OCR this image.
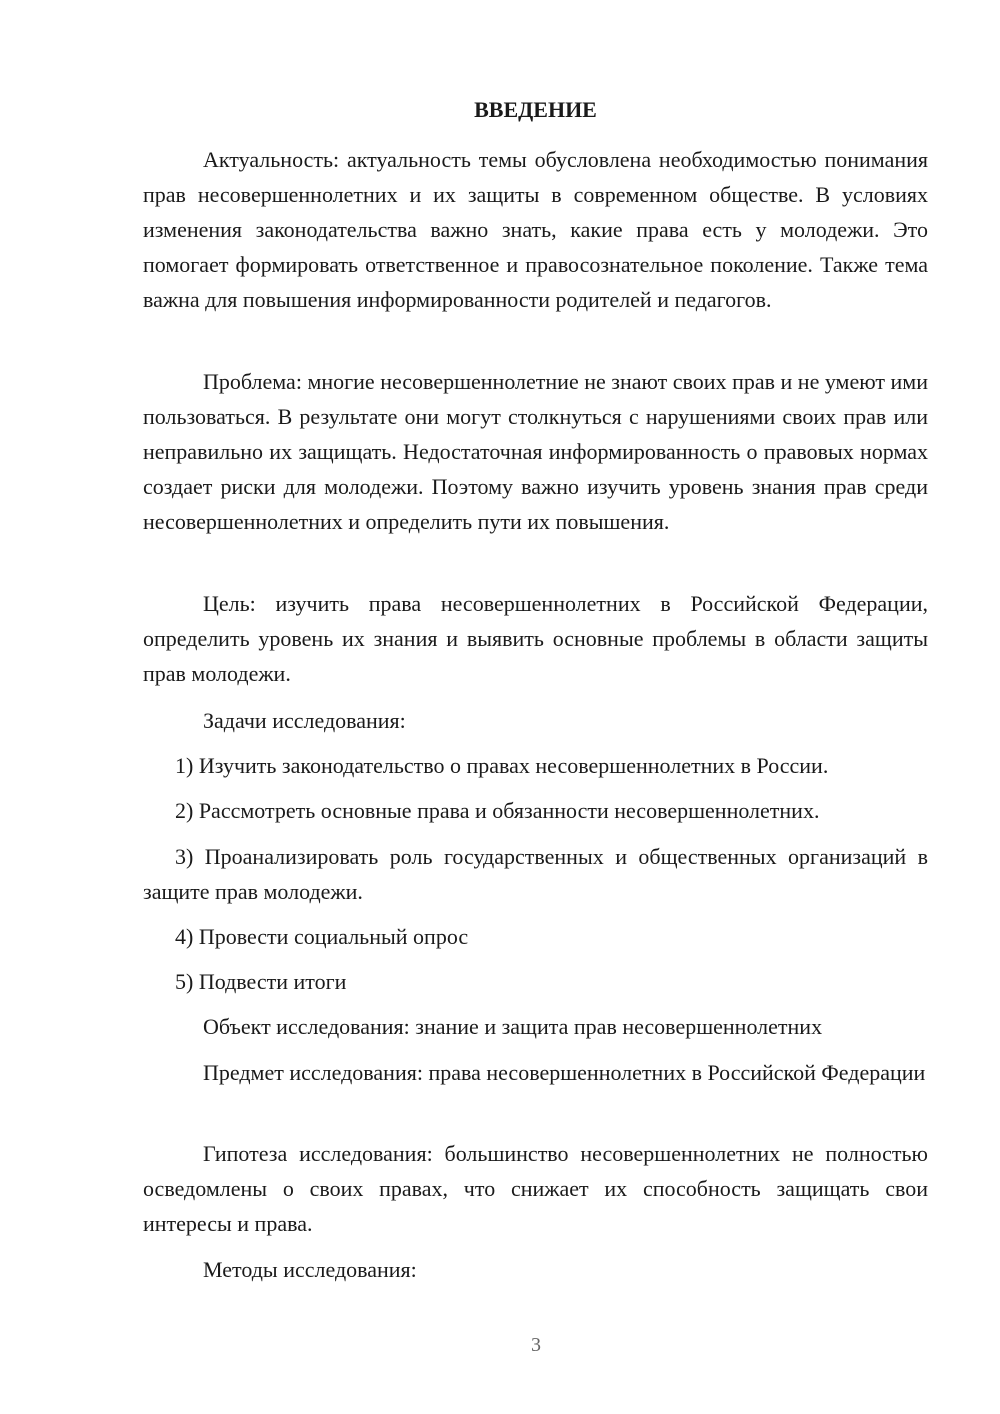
ВВЕДЕНИЕ

Актуальность: актуальность темы обусловлена необходимостью понимания прав несовершеннолетних и их защиты в современном обществе. В условиях изменения законодательства важно знать, какие права есть у молодежи. Это помогает формировать ответственное и правосознательное поколение. Также тема важна для повышения информированности родителей и педагогов.

Проблема: многие несовершеннолетние не знают своих прав и не умеют ими пользоваться. В результате они могут столкнуться с нарушениями своих прав или неправильно их защищать. Недостаточная информированность о правовых нормах создает риски для молодежи. Поэтому важно изучить уровень знания прав среди несовершеннолетних и определить пути их повышения.

Цель: изучить права несовершеннолетних в Российской Федерации, определить уровень их знания и выявить основные проблемы в области защиты прав молодежи.

Задачи исследования:

1) Изучить законодательство о правах несовершеннолетних в России.

2) Рассмотреть основные права и обязанности несовершеннолетних.

3) Проанализировать роль государственных и общественных организаций в защите прав молодежи.

4) Провести социальный опрос

5) Подвести итоги

Объект исследования: знание и защита прав несовершеннолетних

Предмет исследования: права несовершеннолетних в Российской Федерации

Гипотеза исследования: большинство несовершеннолетних не полностью осведомлены о своих правах, что снижает их способность защищать свои интересы и права.

Методы исследования:

3
